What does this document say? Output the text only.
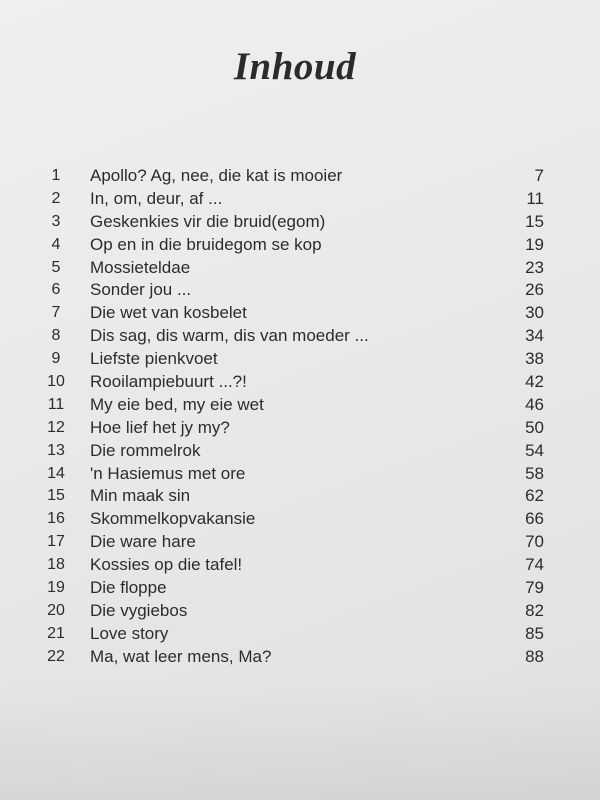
Inhoud
1	Apollo? Ag, nee, die kat is mooier	7
2	In, om, deur, af ...	11
3	Geskenkies vir die bruid(egom)	15
4	Op en in die bruidegom se kop	19
5	Mossieteldae	23
6	Sonder jou ...	26
7	Die wet van kosbelet	30
8	Dis sag, dis warm, dis van moeder ...	34
9	Liefste pienkvoet	38
10	Rooilampiebuurt ...?!	42
11	My eie bed, my eie wet	46
12	Hoe lief het jy my?	50
13	Die rommelrok	54
14	'n Hasiemus met ore	58
15	Min maak sin	62
16	Skommelkopvakansie	66
17	Die ware hare	70
18	Kossies op die tafel!	74
19	Die floppe	79
20	Die vygiebos	82
21	Love story	85
22	Ma, wat leer mens, Ma?	88
